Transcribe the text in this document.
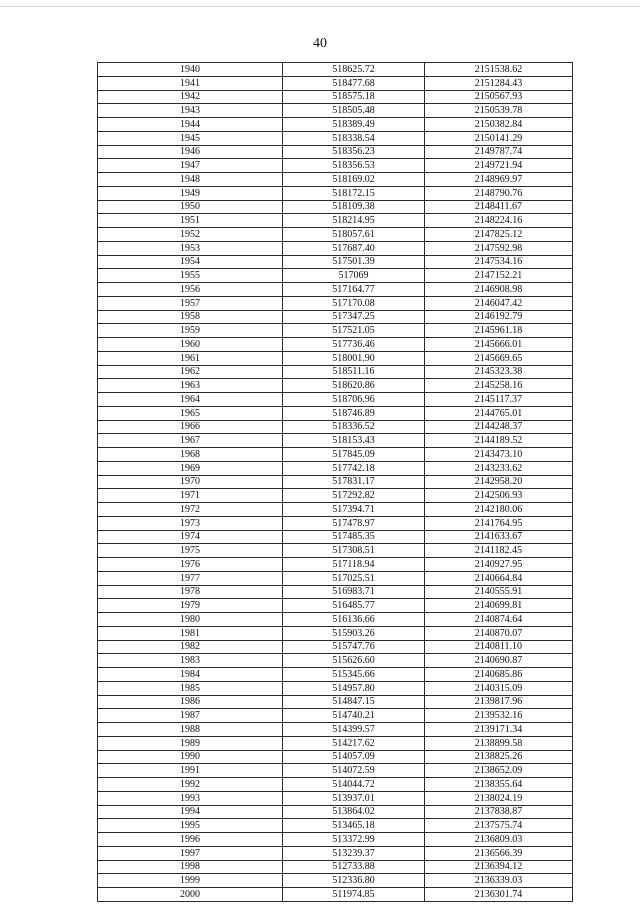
40
1940	518625.72	2151538.62
1941	518477.68	2151284.43
1942	518575.18	2150567.93
1943	518505.48	2150539.78
1944	518389.49	2150382.84
1945	518338.54	2150141.29
1946	518356.23	2149787.74
1947	518356.53	2149721.94
1948	518169.02	2148969.97
1949	518172.15	2148790.76
1950	518109.38	2148411.67
1951	518214.95	2148224.16
1952	518057.61	2147825.12
1953	517687.40	2147592.98
1954	517501.39	2147534.16
1955	517069	2147152.21
1956	517164.77	2146908.98
1957	517170.08	2146047.42
1958	517347.25	2146192.79
1959	517521.05	2145961.18
1960	517736.46	2145666.01
1961	518001.90	2145669.65
1962	518511.16	2145323.38
1963	518620.86	2145258.16
1964	518706.96	2145117.37
1965	518746.89	2144765.01
1966	518336.52	2144248.37
1967	518153.43	2144189.52
1968	517845.09	2143473.10
1969	517742.18	2143233.62
1970	517831.17	2142958.20
1971	517292.82	2142506.93
1972	517394.71	2142180.06
1973	517478.97	2141764.95
1974	517485.35	2141633.67
1975	517308.51	2141182.45
1976	517118.94	2140927.95
1977	517025.51	2140664.84
1978	516983.71	2140555.91
1979	516485.77	2140699.81
1980	516136.66	2140874.64
1981	515903.26	2140870.07
1982	515747.76	2140811.10
1983	515626.60	2140690.87
1984	515345.66	2140685.86
1985	514957.80	2140315.09
1986	514847.15	2139817.96
1987	514740.21	2139532.16
1988	514399.57	2139171.34
1989	514217.62	2138899.58
1990	514057.09	2138825.26
1991	514072.59	2138652.09
1992	514044.72	2138355.64
1993	513937.01	2138024.19
1994	513864.02	2137838.87
1995	513465.18	2137575.74
1996	513372.99	2136809.03
1997	513239.37	2136566.39
1998	512733.88	2136394.12
1999	512336.80	2136339.03
2000	511974.85	2136301.74
